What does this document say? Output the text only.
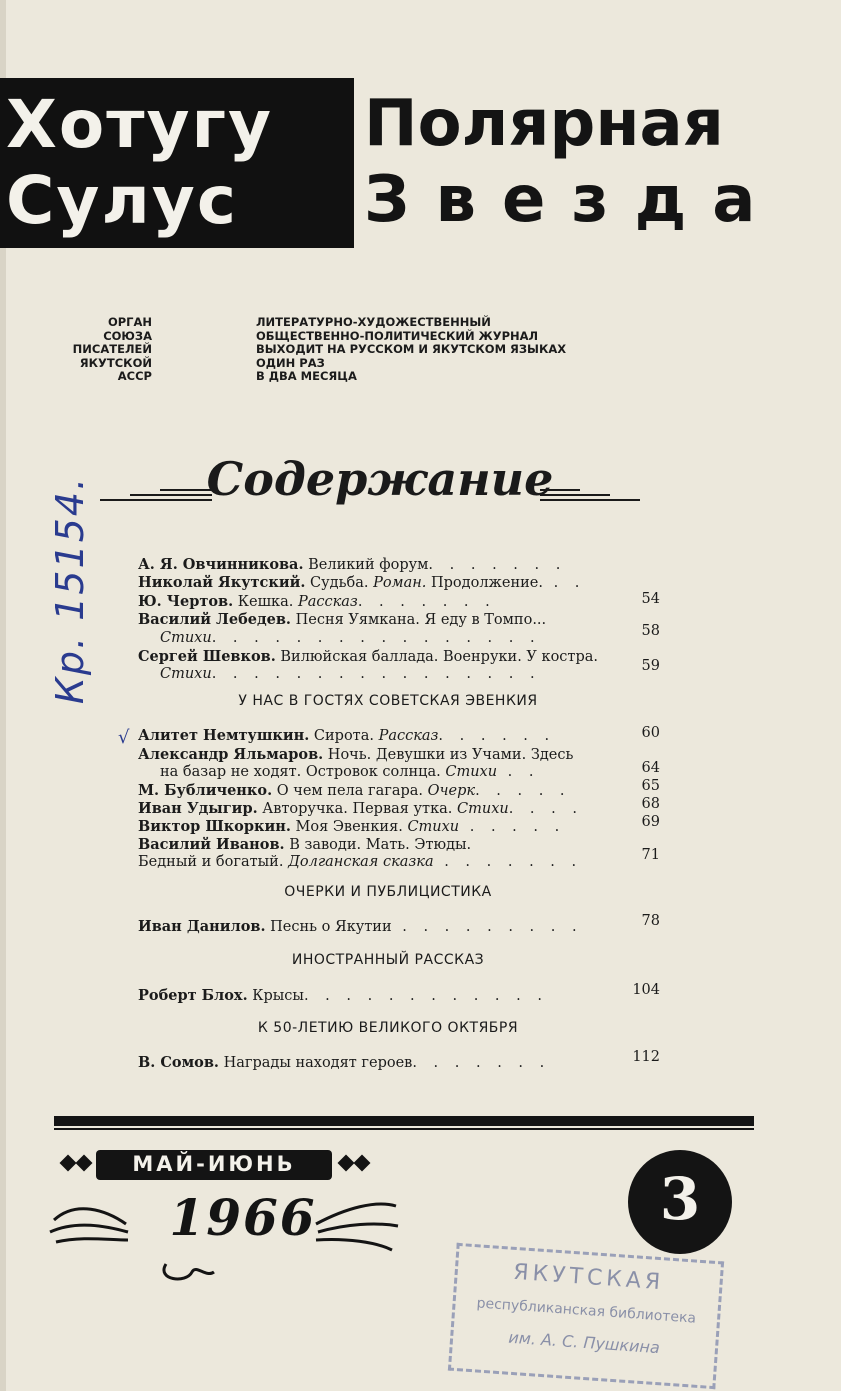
Хотугу
Сулус
Полярная
Звезда
ОРГАН
СОЮЗА
ПИСАТЕЛЕЙ
ЯКУТСКОЙ
АССР
ЛИТЕРАТУРНО-ХУДОЖЕСТВЕННЫЙ
ОБЩЕСТВЕННО-ПОЛИТИЧЕСКИЙ ЖУРНАЛ
ВЫХОДИТ НА РУССКОМ И ЯКУТСКОМ ЯЗЫКАХ
ОДИН РАЗ
В ДВА МЕСЯЦА
Кр. 15154. Содержание
А. Я. Овчинникова. Великий форум. . . . . . .
Николай Якутский. Судьба. Роман. Продолжение. . .
Ю. Чертов. Кешка. Рассказ. . . . . . .	54
Василий Лебедев. Песня Уямкана. Я еду в Томпо...
Стихи. . . . . . . . . . . . . . . .	58
Сергей Шевков. Вилюйская баллада. Военруки. У костра.
Стихи. . . . . . . . . . . . . . . .	59
У НАС В ГОСТЯХ СОВЕТСКАЯ ЭВЕНКИЯ
√ Алитет Немтушкин. Сирота. Рассказ. . . . . .	60
Александр Яльмаров. Ночь. Девушки из Учами. Здесь
на базар не ходят. Островок солнца. Стихи . .	64
М. Бубличенко. О чем пела гагара. Очерк. . . . .	65
Иван Удыгир. Авторучка. Первая утка. Стихи. . . .	68
Виктор Шкоркин. Моя Эвенкия. Стихи . . . . .	69
Василий Иванов. В заводи. Мать. Этюды.
Бедный и богатый. Долганская сказка . . . . . . .	71
ОЧЕРКИ И ПУБЛИЦИСТИКА
Иван Данилов. Песнь о Якутии . . . . . . . . .	78
ИНОСТРАННЫЙ РАССКАЗ
Роберт Блох. Крысы. . . . . . . . . . . .	104
К 50-ЛЕТИЮ ВЕЛИКОГО ОКТЯБРЯ
В. Сомов. Награды находят героев. . . . . . .	112
МАЙ-ИЮНЬ
1966	3
ЯКУТСКАЯ
республиканская библиотека
им. А. С. Пушкина
